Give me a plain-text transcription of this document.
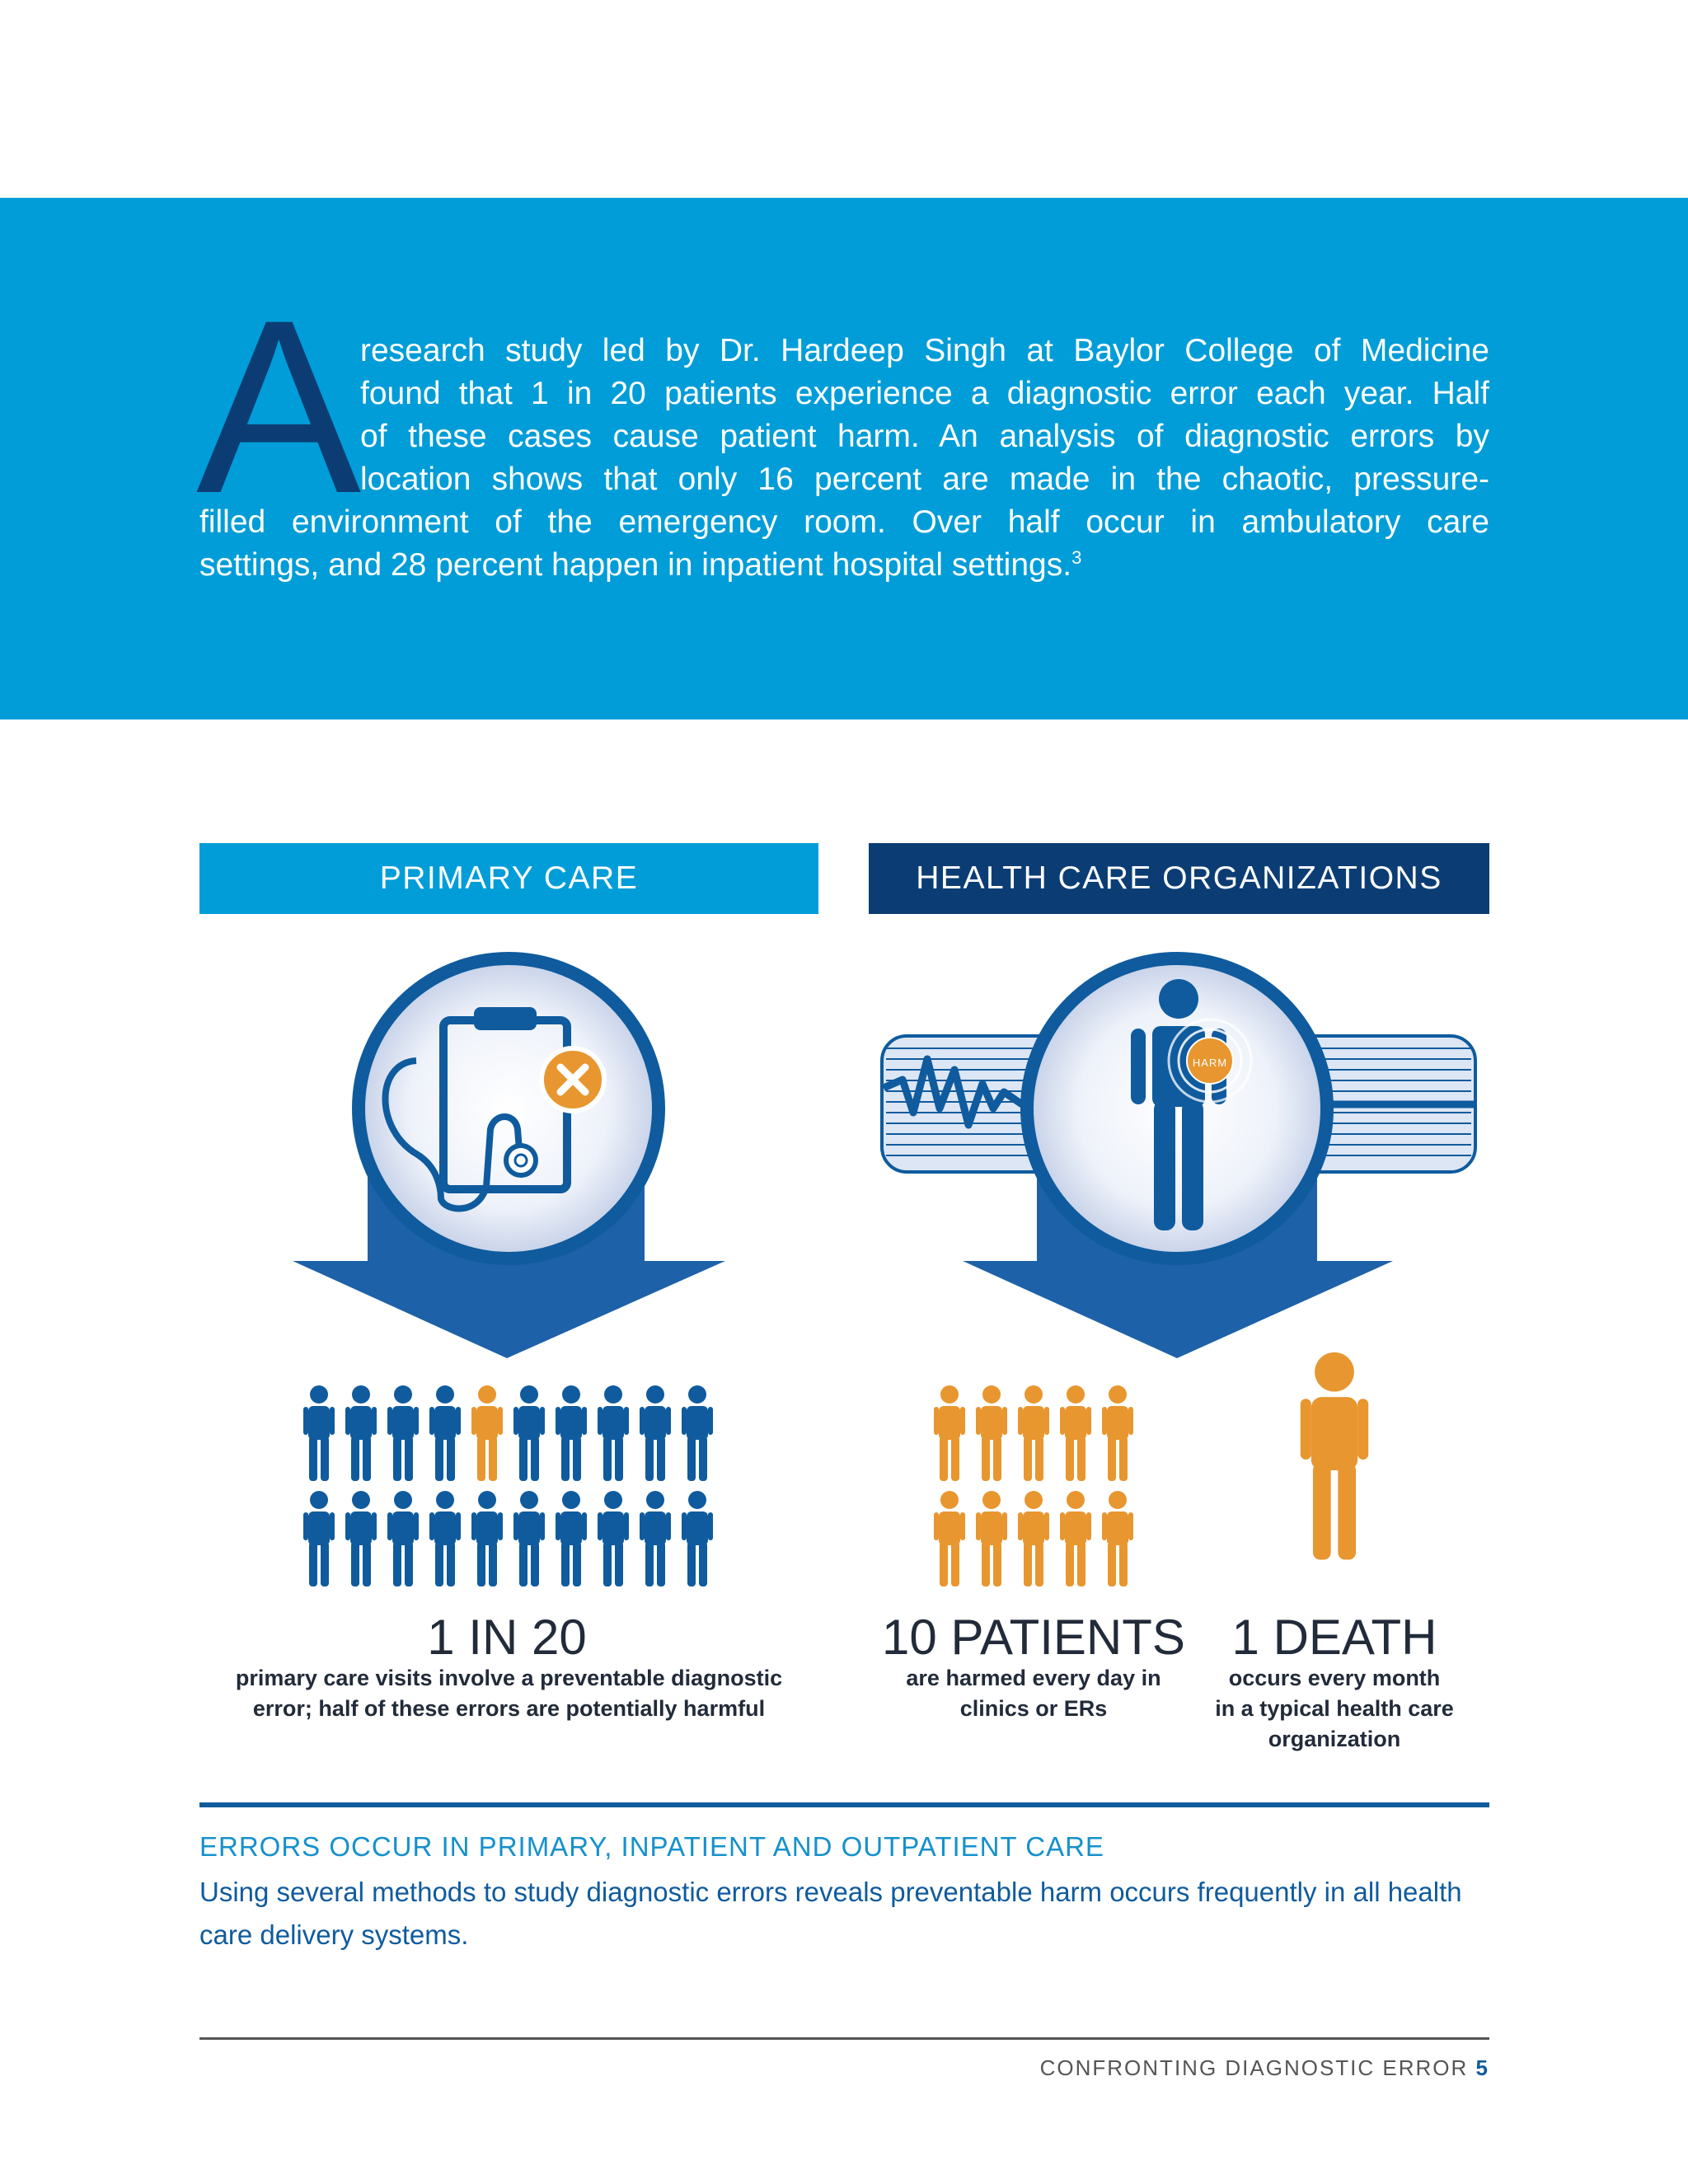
A
research study led by Dr. Hardeep Singh at Baylor College of Medicine
found that 1 in 20 patients experience a diagnostic error each year. Half
of these cases cause patient harm. An analysis of diagnostic errors by
location shows that only 16 percent are made in the chaotic, pressure-
filled environment of the emergency room. Over half occur in ambulatory care
settings, and 28 percent happen in inpatient hospital settings.$^3$
PRIMARY CARE	HEALTH CARE ORGANIZATIONS
HARM
1 IN 20
primary care visits involve a preventable diagnostic
error; half of these errors are potentially harmful
10 PATIENTS
are harmed every day in
clinics or ERs
1 DEATH
occurs every month
in a typical health care
organization
ERRORS OCCUR IN PRIMARY, INPATIENT AND OUTPATIENT CARE
Using several methods to study diagnostic errors reveals preventable harm occurs frequently in all health care delivery systems.
CONFRONTING DIAGNOSTIC ERROR 5
